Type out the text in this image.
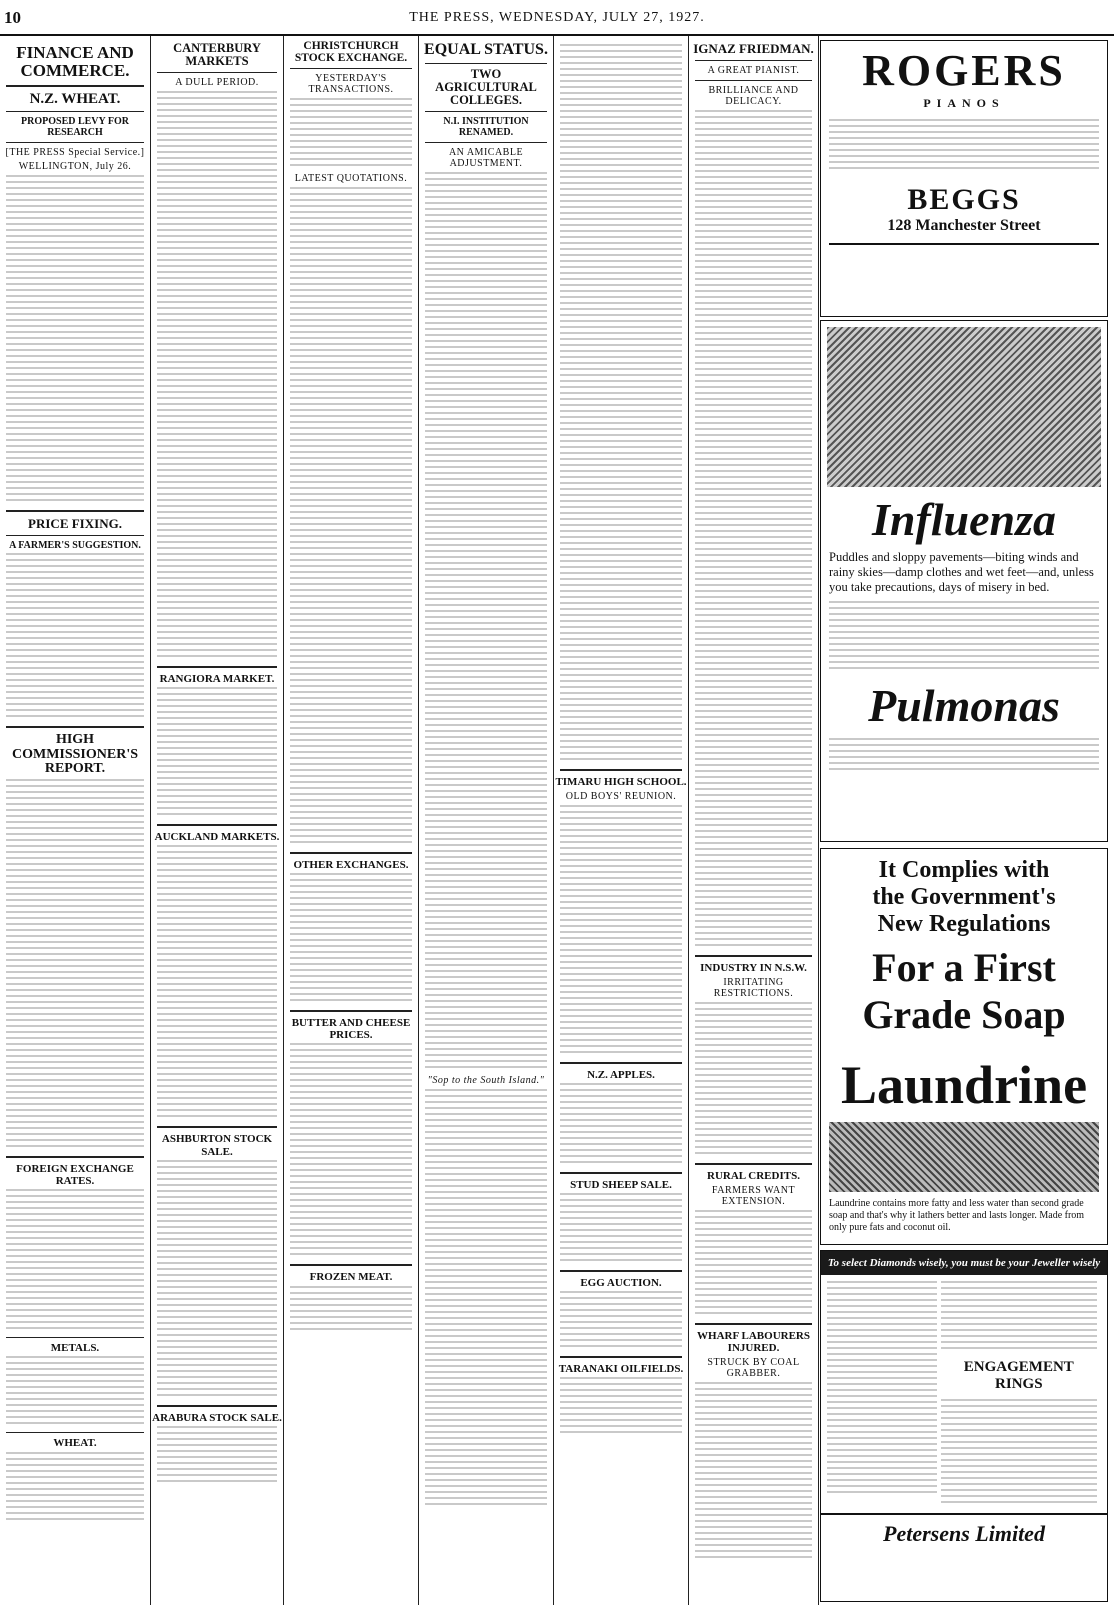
10	THE PRESS, WEDNESDAY, JULY 27, 1927.
FINANCE AND COMMERCE.
N.Z. WHEAT.
PROPOSED LEVY FOR RESEARCH
[THE PRESS Special Service.]
WELLINGTON, July 26.
PRICE FIXING.
A FARMER'S SUGGESTION.
HIGH COMMISSIONER'S REPORT.
FOREIGN EXCHANGE RATES.
METALS.
WHEAT.
CANTERBURY MARKETS
A DULL PERIOD.
RANGIORA MARKET.
AUCKLAND MARKETS.
ASHBURTON STOCK SALE.
ARABURA STOCK SALE.
CHRISTCHURCH STOCK EXCHANGE.
YESTERDAY'S TRANSACTIONS.
LATEST QUOTATIONS.
OTHER EXCHANGES.
BUTTER AND CHEESE PRICES.
FROZEN MEAT.
EQUAL STATUS.
TWO AGRICULTURAL COLLEGES.
N.I. INSTITUTION RENAMED.
AN AMICABLE ADJUSTMENT.
"Sop to the South Island."
TIMARU HIGH SCHOOL.
OLD BOYS' REUNION.
N.Z. APPLES.
STUD SHEEP SALE.
EGG AUCTION.
TARANAKI OILFIELDS.
IGNAZ FRIEDMAN.
A GREAT PIANIST.
BRILLIANCE AND DELICACY.
INDUSTRY IN N.S.W.
IRRITATING RESTRICTIONS.
RURAL CREDITS.
FARMERS WANT EXTENSION.
WHARF LABOURERS INJURED.
STRUCK BY COAL GRABBER.
ROGERS
PIANOS
BEGGS
128 Manchester Street
Influenza
Puddles and sloppy pavements—biting winds and rainy skies—damp clothes and wet feet—and, unless you take precautions, days of misery in bed.
Pulmonas
It Complies with
the Government's
New Regulations
For a First
Grade Soap
Laundrine
Laundrine contains more fatty and less water than second grade soap and that's why it lathers better and lasts longer. Made from only pure fats and coconut oil.
To select Diamonds wisely, you must be your Jeweller wisely
ENGAGEMENT RINGS
Petersens Limited
